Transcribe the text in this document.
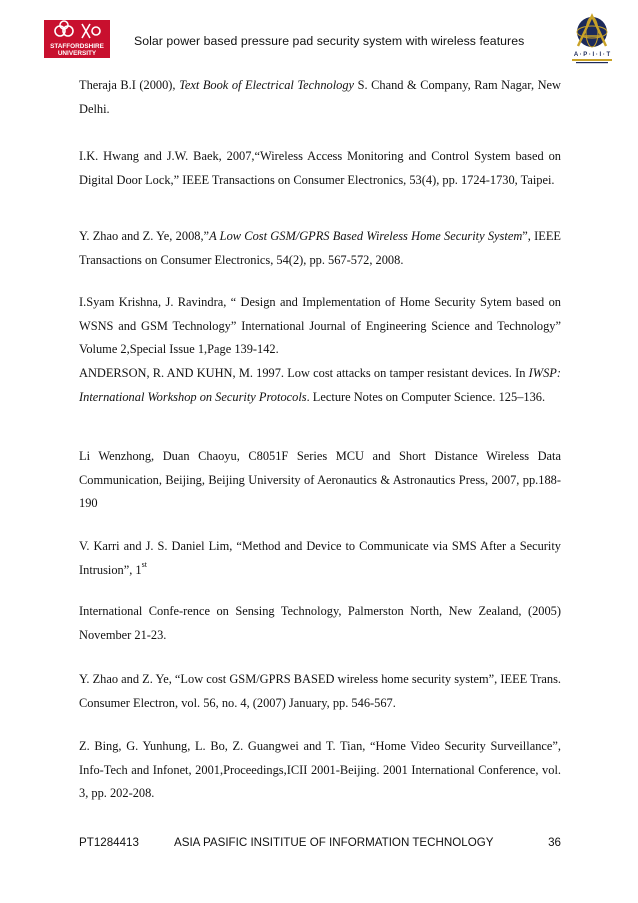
STAFFORDSHIRE
UNIVERSITY
Solar power based pressure pad security system with wireless features
A · P · I · I · T

Theraja B.I (2000), Text Book of Electrical Technology S. Chand & Company, Ram Nagar, New Delhi.

I.K. Hwang and J.W. Baek, 2007,“Wireless Access Monitoring and Control System based on Digital Door Lock,” IEEE Transactions on Consumer Electronics, 53(4), pp. 1724-1730, Taipei.

Y. Zhao and Z. Ye, 2008,”A Low Cost GSM/GPRS Based Wireless Home Security System”, IEEE Transactions on Consumer Electronics, 54(2), pp. 567-572, 2008.

I.Syam Krishna, J. Ravindra, “ Design and Implementation of Home Security Sytem based on WSNS and GSM Technology” International Journal of Engineering Science and Technology” Volume 2,Special Issue 1,Page 139-142.

ANDERSON, R. AND KUHN, M. 1997. Low cost attacks on tamper resistant devices. In IWSP: International Workshop on Security Protocols. Lecture Notes on Computer Science. 125–136.

Li Wenzhong, Duan Chaoyu, C8051F Series MCU and Short Distance Wireless Data Communication, Beijing, Beijing University of Aeronautics & Astronautics Press, 2007, pp.188-190

V. Karri and J. S. Daniel Lim, “Method and Device to Communicate via SMS After a Security Intrusion”, 1st

International Confe-rence on Sensing Technology, Palmerston North, New Zealand, (2005) November 21-23.

Y. Zhao and Z. Ye, “Low cost GSM/GPRS BASED wireless home security system”, IEEE Trans. Consumer Electron, vol. 56, no. 4, (2007) January, pp. 546-567.

Z. Bing, G. Yunhung, L. Bo, Z. Guangwei and T. Tian, “Home Video Security Surveillance”, Info-Tech and Infonet, 2001,Proceedings,ICII 2001-Beijing. 2001 International Conference, vol. 3, pp. 202-208.

PT1284413	ASIA PASIFIC INSITITUE OF INFORMATION TECHNOLOGY	36
